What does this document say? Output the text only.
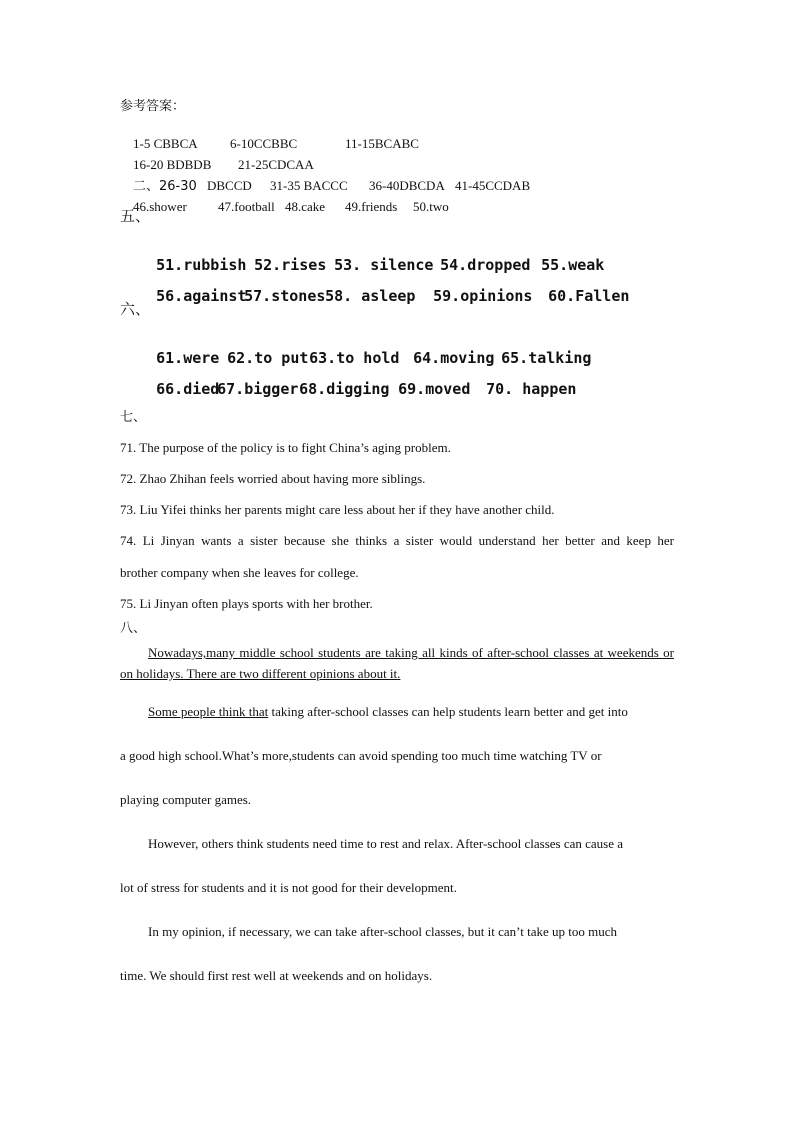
参考答案：

1-5 CBBCA 6-10CCBBC	11-15BCABC

16-20 BDBDB 21-25CDCAA

二、26-30 DBCCD 31-35 BACCC 36-40DBCDA 41-45CCDAB

46.shower 47.football 48.cake 49.friends 50.two

五、

51.rubbish 52.rises 53. silence 54.dropped 55.weak

56.against57.stones58. asleep 59.opinions 60.Fallen

六、

61.were 62.to put63.to hold 64.moving 65.talking

66.died67.bigger68.digging 69.moved 70. happen

七、
71. The purpose of the policy is to fight China’s aging problem.
72. Zhao Zhihan feels worried about having more siblings.
73. Liu Yifei thinks her parents might care less about her if they have another child.
74. Li Jinyan wants a sister because she thinks a sister would understand her better and keep her
brother company when she leaves for college.
75. Li Jinyan often plays sports with her brother.
八、
Nowadays,many middle school students are taking all kinds of after-school classes at weekends or on holidays. There are two different opinions about it.
Some people think that taking after-school classes can help students learn better and get into
a good high school.What’s more,students can avoid spending too much time watching TV or
playing computer games.
However, others think students need time to rest and relax. After-school classes can cause a
lot of stress for students and it is not good for their development.
In my opinion, if necessary, we can take after-school classes, but it can’t take up too much
time. We should first rest well at weekends and on holidays.
